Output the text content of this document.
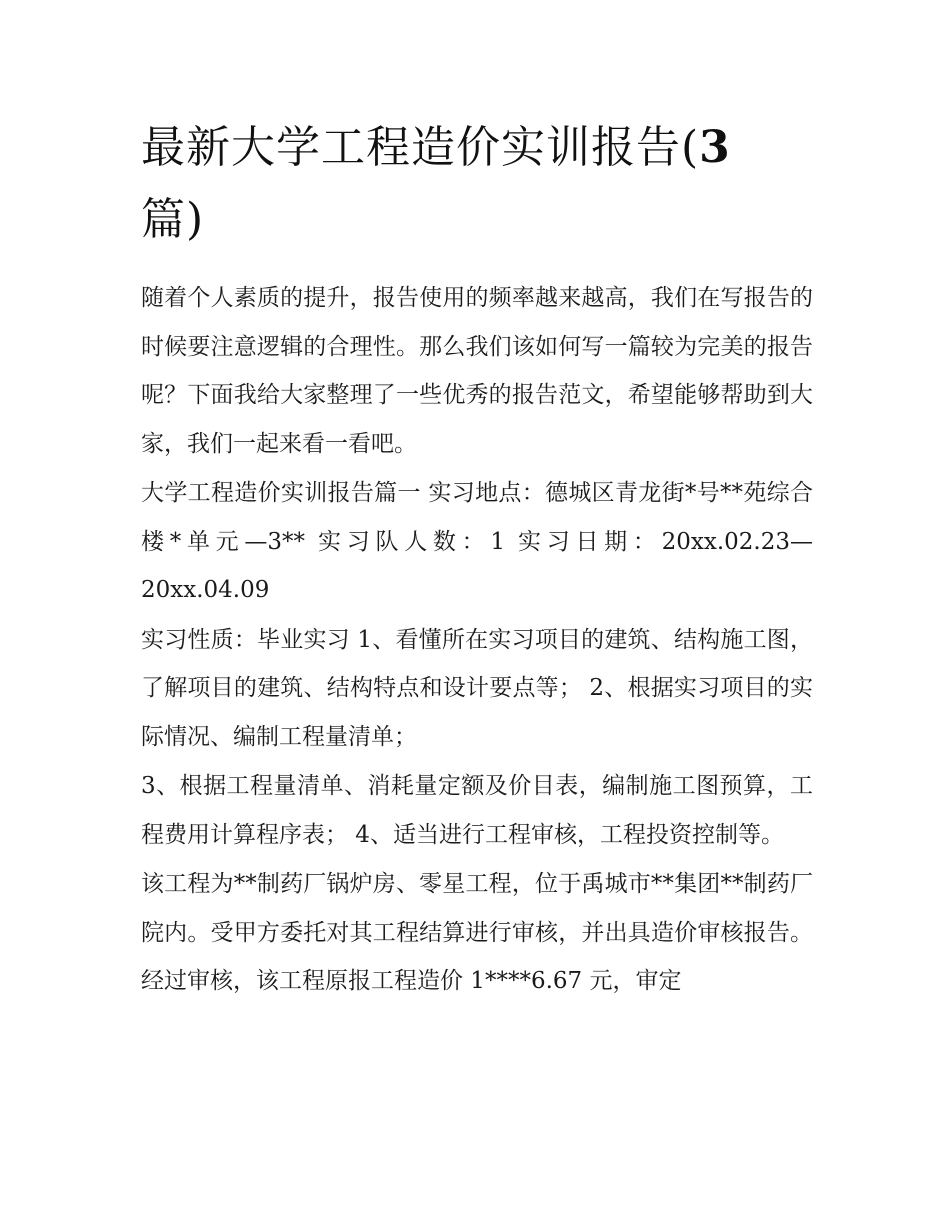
最新大学工程造价实训报告(3
篇)

随着个人素质的提升，报告使用的频率越来越高，我们在写报告的时候要注意逻辑的合理性。那么我们该如何写一篇较为完美的报告呢？下面我给大家整理了一些优秀的报告范文，希望能够帮助到大家，我们一起来看一看吧。

大学工程造价实训报告篇一 实习地点：德城区青龙街*号**苑综合楼*单元—3** 实习队人数：1 实习日期：20xx.02.23—20xx.04.09

实习性质：毕业实习 1、看懂所在实习项目的建筑、结构施工图，了解项目的建筑、结构特点和设计要点等； 2、根据实习项目的实际情况、编制工程量清单；

3、根据工程量清单、消耗量定额及价目表，编制施工图预算，工程费用计算程序表； 4、适当进行工程审核，工程投资控制等。

该工程为**制药厂锅炉房、零星工程，位于禹城市**集团**制药厂院内。受甲方委托对其工程结算进行审核，并出具造价审核报告。经过审核，该工程原报工程造价 1****6.67 元，审定
